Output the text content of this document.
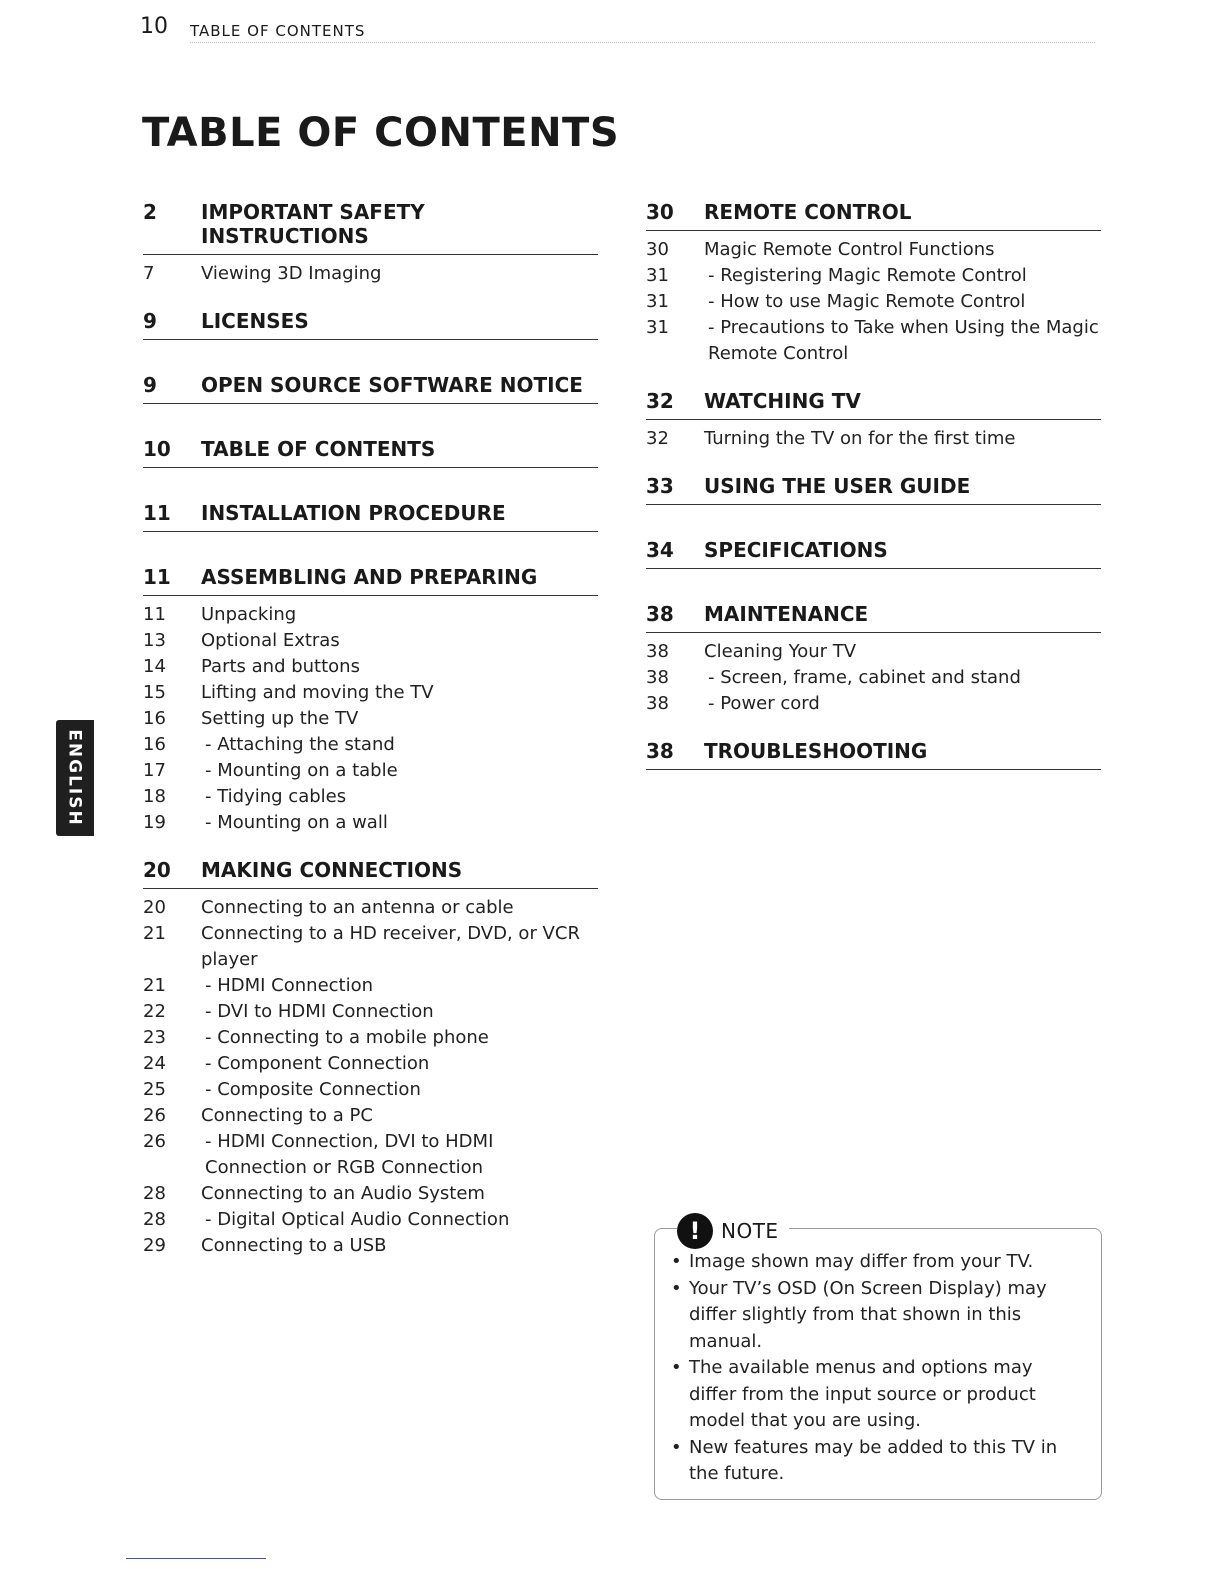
10 TABLE OF CONTENTS
TABLE OF CONTENTS
2	IMPORTANT SAFETY INSTRUCTIONS
7	Viewing 3D Imaging
9	LICENSES
9	OPEN SOURCE SOFTWARE NOTICE
10	TABLE OF CONTENTS
11	INSTALLATION PROCEDURE
11	ASSEMBLING AND PREPARING
11	Unpacking
13	Optional Extras
14	Parts and buttons
15	Lifting and moving the TV
16	Setting up the TV
16	- Attaching the stand
17	- Mounting on a table
18	- Tidying cables
19	- Mounting on a wall
20	MAKING CONNECTIONS
20	Connecting to an antenna or cable
21	Connecting to a HD receiver, DVD, or VCR player
21	- HDMI Connection
22	- DVI to HDMI Connection
23	- Connecting to a mobile phone
24	- Component Connection
25	- Composite Connection
26	Connecting to a PC
26	- HDMI Connection, DVI to HDMI Connection or RGB Connection
28	Connecting to an Audio System
28	- Digital Optical Audio Connection
29	Connecting to a USB
30	REMOTE CONTROL
30	Magic Remote Control Functions
31	- Registering Magic Remote Control
31	- How to use Magic Remote Control
31	- Precautions to Take when Using the Magic Remote Control
32	WATCHING TV
32	Turning the TV on for the first time
33	USING THE USER GUIDE
34	SPECIFICATIONS
38	MAINTENANCE
38	Cleaning Your TV
38	- Screen, frame, cabinet and stand
38	- Power cord
38	TROUBLESHOOTING
ENGLISH
! NOTE
• Image shown may differ from your TV.
• Your TV’s OSD (On Screen Display) may differ slightly from that shown in this manual.
• The available menus and options may differ from the input source or product model that you are using.
• New features may be added to this TV in the future.
